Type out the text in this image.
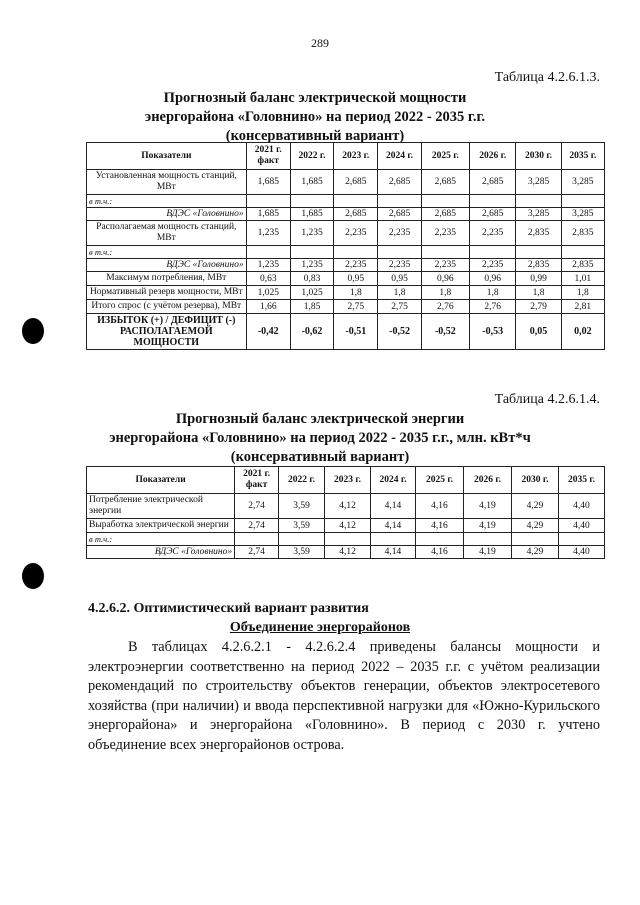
289
Таблица 4.2.6.1.3.
Прогнозный баланс электрической мощности
энергорайона «Головнино» на период 2022 - 2035 г.г.
(консервативный вариант)
Показатели	2021 г. факт	2022 г.	2023 г.	2024 г.	2025 г.	2026 г.	2030 г.	2035 г.
Установленная мощность станций, МВт	1,685	1,685	2,685	2,685	2,685	2,685	3,285	3,285
в т.ч.:								
ВДЭС «Головнино»	1,685	1,685	2,685	2,685	2,685	2,685	3,285	3,285
Располагаемая мощность станций, МВт	1,235	1,235	2,235	2,235	2,235	2,235	2,835	2,835
в т.ч.:								
ВДЭС «Головнино»	1,235	1,235	2,235	2,235	2,235	2,235	2,835	2,835
Максимум потребления, МВт	0,63	0,83	0,95	0,95	0,96	0,96	0,99	1,01
Нормативный резерв мощности, МВт	1,025	1,025	1,8	1,8	1,8	1,8	1,8	1,8
Итого спрос (с учётом резерва), МВт	1,66	1,85	2,75	2,75	2,76	2,76	2,79	2,81
ИЗБЫТОК (+) / ДЕФИЦИТ (-) РАСПОЛАГАЕМОЙ МОЩНОСТИ	-0,42	-0,62	-0,51	-0,52	-0,52	-0,53	0,05	0,02
Таблица 4.2.6.1.4.
Прогнозный баланс электрической энергии
энергорайона «Головнино» на период 2022 - 2035 г.г., млн. кВт*ч
(консервативный вариант)
Показатели	2021 г. факт	2022 г.	2023 г.	2024 г.	2025 г.	2026 г.	2030 г.	2035 г.
Потребление электрической энергии	2,74	3,59	4,12	4,14	4,16	4,19	4,29	4,40
Выработка электрической энергии	2,74	3,59	4,12	4,14	4,16	4,19	4,29	4,40
в т.ч.:								
ВДЭС «Головнино»	2,74	3,59	4,12	4,14	4,16	4,19	4,29	4,40
4.2.6.2. Оптимистический вариант развития
Объединение энергорайонов

В таблицах 4.2.6.2.1 - 4.2.6.2.4 приведены балансы мощности и электроэнергии соответственно на период 2022 – 2035 г.г. с учётом реализации рекомендаций по строительству объектов генерации, объектов электросетевого хозяйства (при наличии) и ввода перспективной нагрузки для «Южно-Курильского энергорайона» и энергорайона «Головнино». В период с 2030 г. учтено объединение всех энергорайонов острова.
